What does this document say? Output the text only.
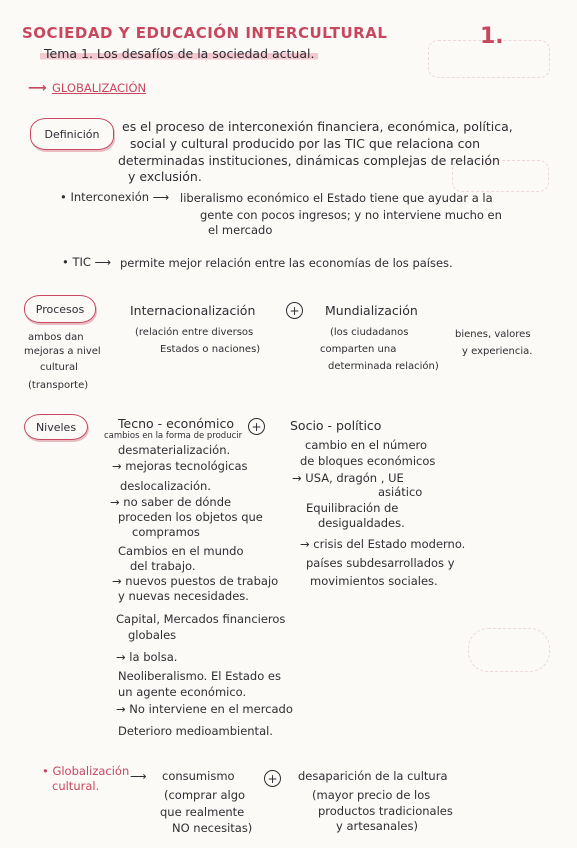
SOCIEDAD Y EDUCACIÓN INTERCULTURAL	1.
Tema 1. Los desafíos de la sociedad actual.
⟶ GLOBALIZACIÓN
Definición es el proceso de interconexión financiera, económica, política,
social y cultural producido por las TIC que relaciona con
determinadas instituciones, dinámicas complejas de relación
y exclusión.
• Interconexión ⟶ liberalismo económico el Estado tiene que ayudar a la
gente con pocos ingresos; y no interviene mucho en
el mercado
• TIC ⟶ permite mejor relación entre las economías de los países.
Procesos
ambos dan
mejoras a nivel
cultural
(transporte)
Internacionalización
(relación entre diversos
Estados o naciones)
+ Mundialización
(los ciudadanos
comparten una
determinada relación)
bienes, valores
y experiencia.
Niveles	Tecno - económico + Socio - político
cambios en la forma de producir
desmaterialización.
→ mejoras tecnológicas
deslocalización.
→ no saber de dónde
proceden los objetos que
compramos
Cambios en el mundo
del trabajo.
→ nuevos puestos de trabajo
y nuevas necesidades.
Capital, Mercados financieros
globales
→ la bolsa.
Neoliberalismo. El Estado es
un agente económico.
→ No interviene en el mercado
Deterioro medioambiental.
cambio en el número
de bloques económicos
→ USA, dragón , UE
asiático
Equilibración de
desigualdades.
→ crisis del Estado moderno.
países subdesarrollados y
movimientos sociales.
• Globalización
cultural.
⟶ consumismo
(comprar algo
que realmente
NO necesitas)
+ desaparición de la cultura
(mayor precio de los
productos tradicionales
y artesanales)
